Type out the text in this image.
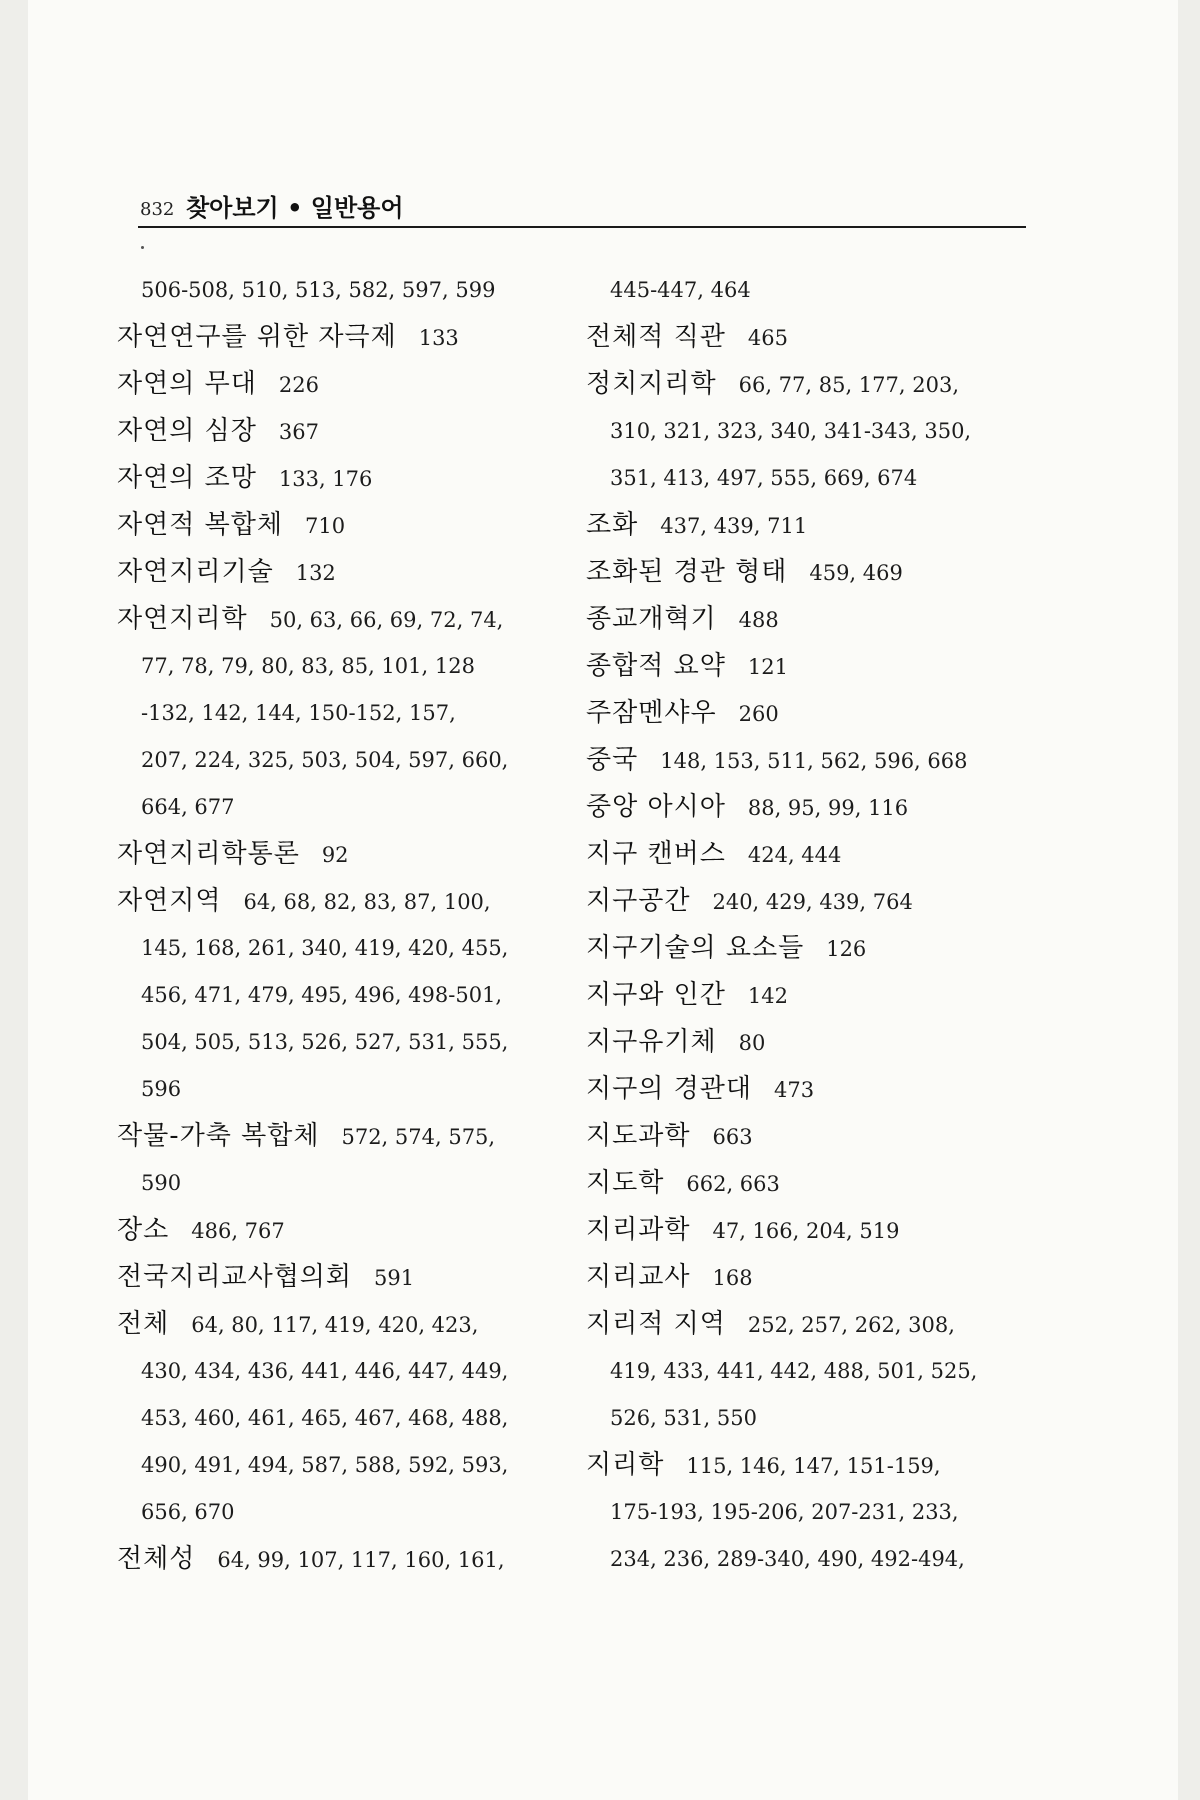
832 찾아보기 • 일반용어
506-508, 510, 513, 582, 597, 599
자연연구를 위한 자극제 133
자연의 무대 226
자연의 심장 367
자연의 조망 133, 176
자연적 복합체 710
자연지리기술 132
자연지리학 50, 63, 66, 69, 72, 74,
77, 78, 79, 80, 83, 85, 101, 128
-132, 142, 144, 150-152, 157,
207, 224, 325, 503, 504, 597, 660,
664, 677
자연지리학통론 92
자연지역 64, 68, 82, 83, 87, 100,
145, 168, 261, 340, 419, 420, 455,
456, 471, 479, 495, 496, 498-501,
504, 505, 513, 526, 527, 531, 555,
596
작물-가축 복합체 572, 574, 575,
590
장소 486, 767
전국지리교사협의회 591
전체 64, 80, 117, 419, 420, 423,
430, 434, 436, 441, 446, 447, 449,
453, 460, 461, 465, 467, 468, 488,
490, 491, 494, 587, 588, 592, 593,
656, 670
전체성 64, 99, 107, 117, 160, 161,
445-447, 464
전체적 직관 465
정치지리학 66, 77, 85, 177, 203,
310, 321, 323, 340, 341-343, 350,
351, 413, 497, 555, 669, 674
조화 437, 439, 711
조화된 경관 형태 459, 469
종교개혁기 488
종합적 요약 121
주잠멘샤우 260
중국 148, 153, 511, 562, 596, 668
중앙 아시아 88, 95, 99, 116
지구 캔버스 424, 444
지구공간 240, 429, 439, 764
지구기술의 요소들 126
지구와 인간 142
지구유기체 80
지구의 경관대 473
지도과학 663
지도학 662, 663
지리과학 47, 166, 204, 519
지리교사 168
지리적 지역 252, 257, 262, 308,
419, 433, 441, 442, 488, 501, 525,
526, 531, 550
지리학 115, 146, 147, 151-159,
175-193, 195-206, 207-231, 233,
234, 236, 289-340, 490, 492-494,
